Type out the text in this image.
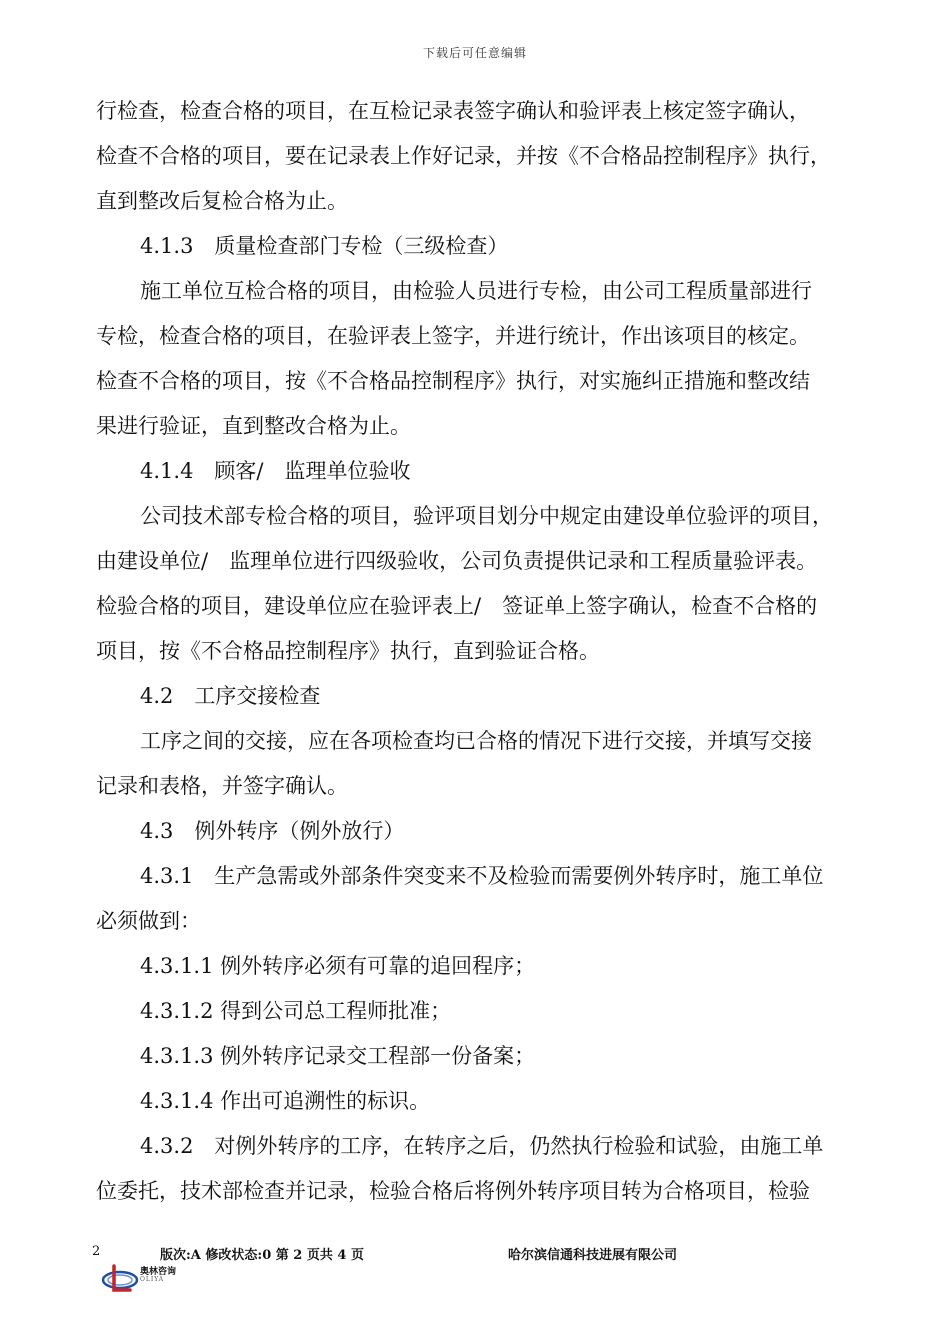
下载后可任意编辑
行检查，检查合格的项目，在互检记录表签字确认和验评表上核定签字确认，
检查不合格的项目，要在记录表上作好记录，并按《不合格品控制程序》执行，
直到整改后复检合格为止。
4.1.3　质量检查部门专检（三级检查）
施工单位互检合格的项目，由检验人员进行专检，由公司工程质量部进行
专检，检查合格的项目，在验评表上签字，并进行统计，作出该项目的核定。
检查不合格的项目，按《不合格品控制程序》执行，对实施纠正措施和整改结
果进行验证，直到整改合格为止。
4.1.4　顾客/　监理单位验收
公司技术部专检合格的项目，验评项目划分中规定由建设单位验评的项目，
由建设单位/　监理单位进行四级验收，公司负责提供记录和工程质量验评表。
检验合格的项目，建设单位应在验评表上/　签证单上签字确认，检查不合格的
项目，按《不合格品控制程序》执行，直到验证合格。
4.2　工序交接检查
工序之间的交接，应在各项检查均已合格的情况下进行交接，并填写交接
记录和表格，并签字确认。
4.3　例外转序（例外放行）
4.3.1　生产急需或外部条件突变来不及检验而需要例外转序时，施工单位
必须做到：
4.3.1.1 例外转序必须有可靠的追回程序；
4.3.1.2 得到公司总工程师批准；
4.3.1.3 例外转序记录交工程部一份备案；
4.3.1.4 作出可追溯性的标识。
4.3.2　对例外转序的工序，在转序之后，仍然执行检验和试验，由施工单
位委托，技术部检查并记录，检验合格后将例外转序项目转为合格项目，检验
2	版次:A 修改状态:0 第 2 页共 4 页	哈尔滨信通科技进展有限公司
奥林咨询
OLIYA
